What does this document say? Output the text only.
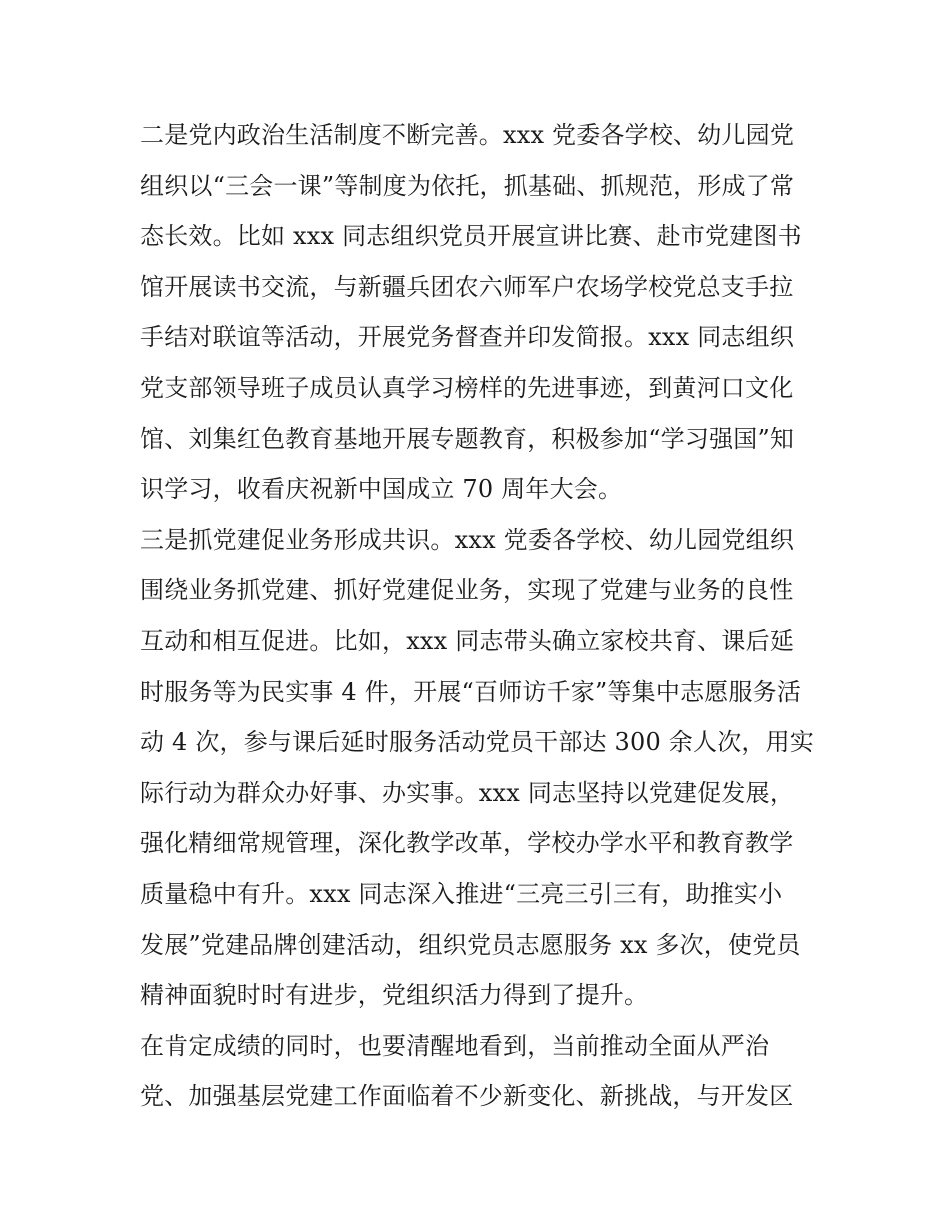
二是党内政治生活制度不断完善。xxx 党委各学校、幼儿园党
组织以“三会一课”等制度为依托，抓基础、抓规范，形成了常
态长效。比如 xxx 同志组织党员开展宣讲比赛、赴市党建图书
馆开展读书交流，与新疆兵团农六师军户农场学校党总支手拉
手结对联谊等活动，开展党务督查并印发简报。xxx 同志组织
党支部领导班子成员认真学习榜样的先进事迹，到黄河口文化
馆、刘集红色教育基地开展专题教育，积极参加“学习强国”知
识学习，收看庆祝新中国成立 70 周年大会。
三是抓党建促业务形成共识。xxx 党委各学校、幼儿园党组织
围绕业务抓党建、抓好党建促业务，实现了党建与业务的良性
互动和相互促进。比如，xxx 同志带头确立家校共育、课后延
时服务等为民实事 4 件，开展“百师访千家”等集中志愿服务活
动 4 次，参与课后延时服务活动党员干部达 300 余人次，用实
际行动为群众办好事、办实事。xxx 同志坚持以党建促发展，
强化精细常规管理，深化教学改革，学校办学水平和教育教学
质量稳中有升。xxx 同志深入推进“三亮三引三有，助推实小
发展”党建品牌创建活动，组织党员志愿服务 xx 多次，使党员
精神面貌时时有进步，党组织活力得到了提升。
在肯定成绩的同时，也要清醒地看到，当前推动全面从严治
党、加强基层党建工作面临着不少新变化、新挑战，与开发区
